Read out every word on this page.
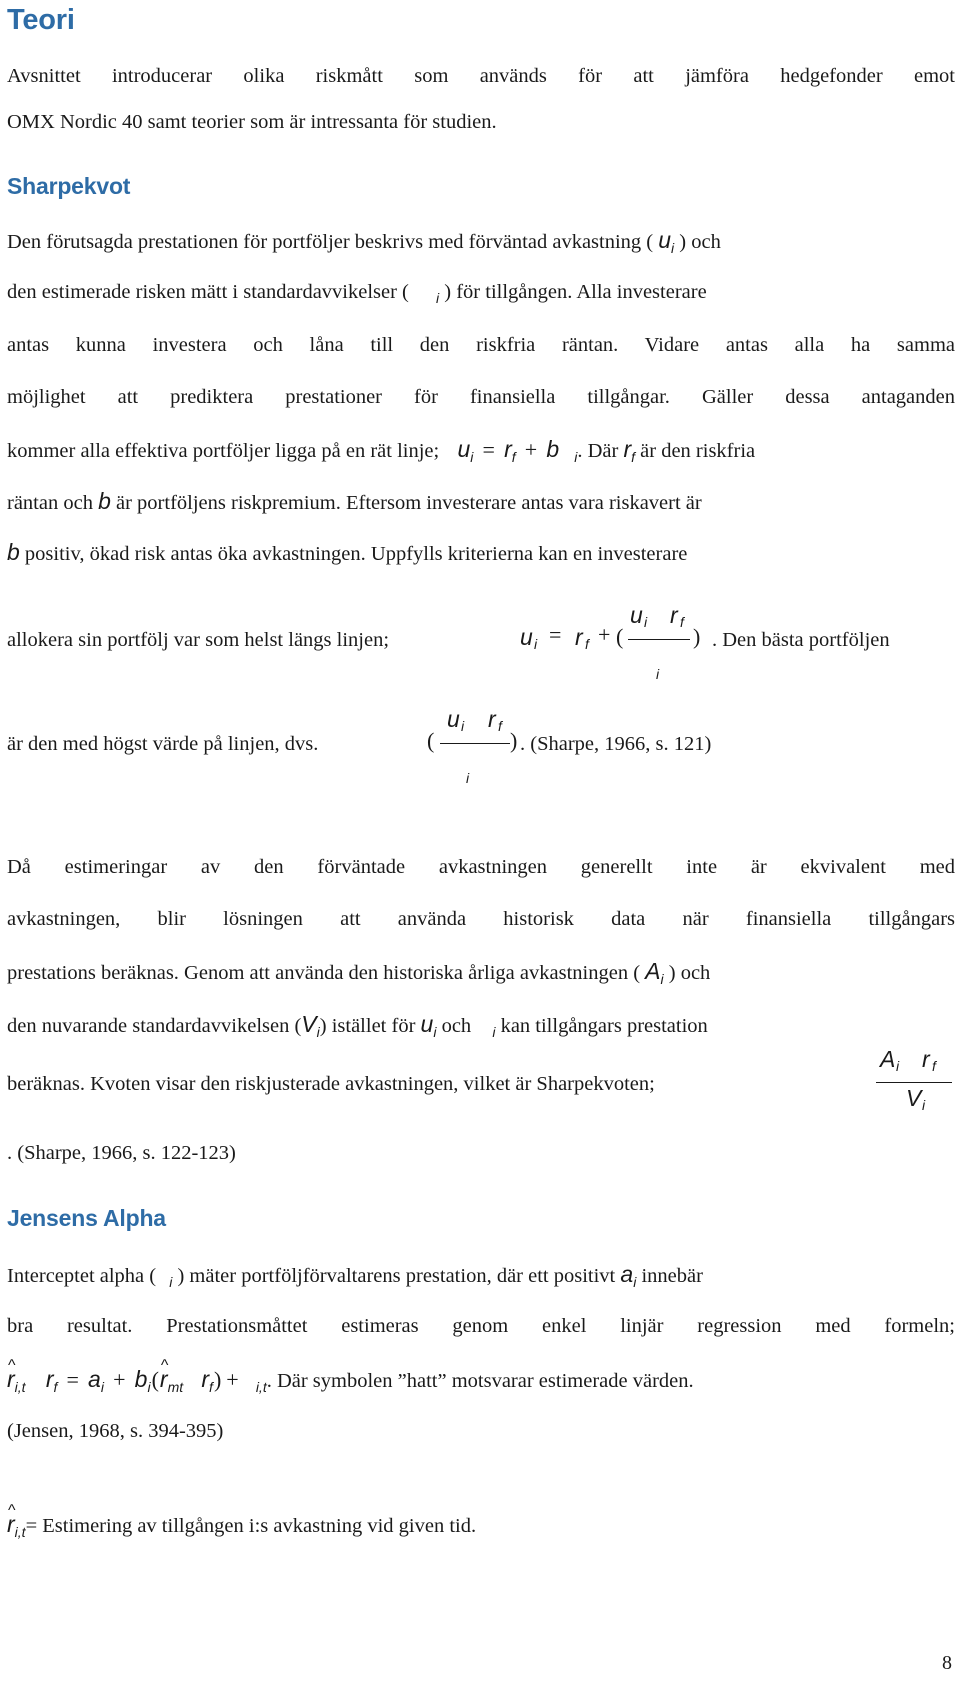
Teori
Avsnittet introducerar olika riskmått som används för att jämföra hedgefonder emot
OMX Nordic 40 samt teorier som är intressanta för studien.
Sharpekvot
Den förutsagda prestationen för portföljer beskrivs med förväntad avkastning ( $u_i$ ) och
den estimerade risken mätt i standardavvikelser ( $_i$ ) för tillgången. Alla investerare
antas kunna investera och låna till den riskfria räntan. Vidare antas alla ha samma
möjlighet att prediktera prestationer för finansiella tillgångar. Gäller dessa antaganden
kommer alla effektiva portföljer ligga på en rät linje; $u_i = r_f + b$ $_i$. Där $r_f$ är den riskfria
räntan och b är portföljens riskpremium. Eftersom investerare antas vara riskavert är
b positiv, ökad risk antas öka avkastningen. Uppfylls kriterierna kan en investerare
allokera sin portfölj var som helst längs linjen;	u i = r f + (
u i r f
)
i
. Den bästa portföljen
är den med högst värde på linjen, dvs.	(
u i r f
)
i
. (Sharpe, 1966, s. 121)
Då estimeringar av den förväntade avkastningen generellt inte är ekvivalent med
avkastningen, blir lösningen att använda historisk data när finansiella tillgångars
prestations beräknas. Genom att använda den historiska årliga avkastningen ( $A_i$ ) och
den nuvarande standardavvikelsen $(V_i)$ istället för $u_i$ och $_i$ kan tillgångars prestation
beräknas. Kvoten visar den riskjusterade avkastningen, vilket är Sharpekvoten;
A i r f
V i
. (Sharpe, 1966, s. 122-123)
Jensens Alpha
Interceptet alpha ( $_i$ ) mäter portföljförvaltarens prestation, där ett positivt $a_i$ innebär
bra resultat. Prestationsmåttet estimeras genom enkel linjär regression med formeln;
^ $r_{i,t}$ $r_f = a_i$ + $b_i(\^{}$ $r_{mt}$ $r_f) + _{i,t}$. Där symbolen ”hatt” motsvarar estimerade värden.
(Jensen, 1968, s. 394-395)
^ $r_{i,t}=$ Estimering av tillgången i:s avkastning vid given tid.
8
